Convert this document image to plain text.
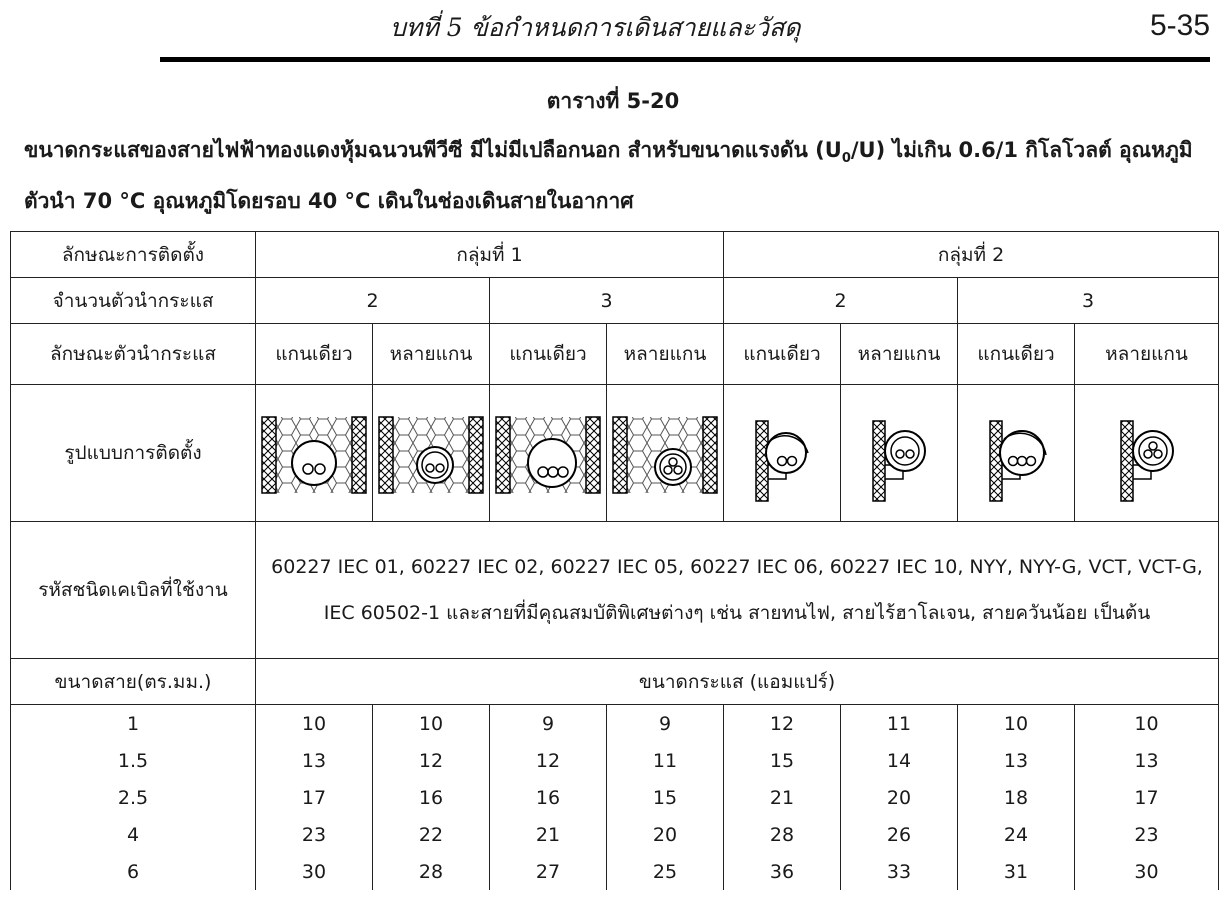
บทที่ 5 ข้อกำหนดการเดินสายและวัสดุ	5-35
ตารางที่ 5-20
ขนาดกระแสของสายไฟฟ้าทองแดงหุ้มฉนวนพีวีซี มีไม่มีเปลือกนอก สำหรับขนาดแรงดัน $(U_0/U)$ ไม่เกิน 0.6/1 กิโลโวลต์ อุณหภูมิตัวนำ 70 °C อุณหภูมิโดยรอบ 40 °C เดินในช่องเดินสายในอากาศ
ลักษณะการติดตั้ง	กลุ่มที่ 1				กลุ่มที่ 2			
จำนวนตัวนำกระแส	2		3		2		3	
ลักษณะตัวนำกระแส	แกนเดียว	หลายแกน	แกนเดียว	หลายแกน	แกนเดียว	หลายแกน	แกนเดียว	หลายแกน
รูปแบบการติดตั้ง	

รหัสชนิดเคเบิลที่ใช้งาน	60227 IEC 01, 60227 IEC 02, 60227 IEC 05, 60227 IEC 06, 60227 IEC 10, NYY, NYY-G, VCT, VCT-G, IEC 60502-1 และสายที่มีคุณสมบัติพิเศษต่างๆ เช่น สายทนไฟ, สายไร้ฮาโลเจน, สายควันน้อย เป็นต้น							
ขนาดสาย(ตร.มม.)	ขนาดกระแส (แอมแปร์)							
1	10	10	9	9	12	11	10	10
1.5	13	12	12	11	15	14	13	13
2.5	17	16	16	15	21	20	18	17
4	23	22	21	20	28	26	24	23
6	30	28	27	25	36	33	31	30
